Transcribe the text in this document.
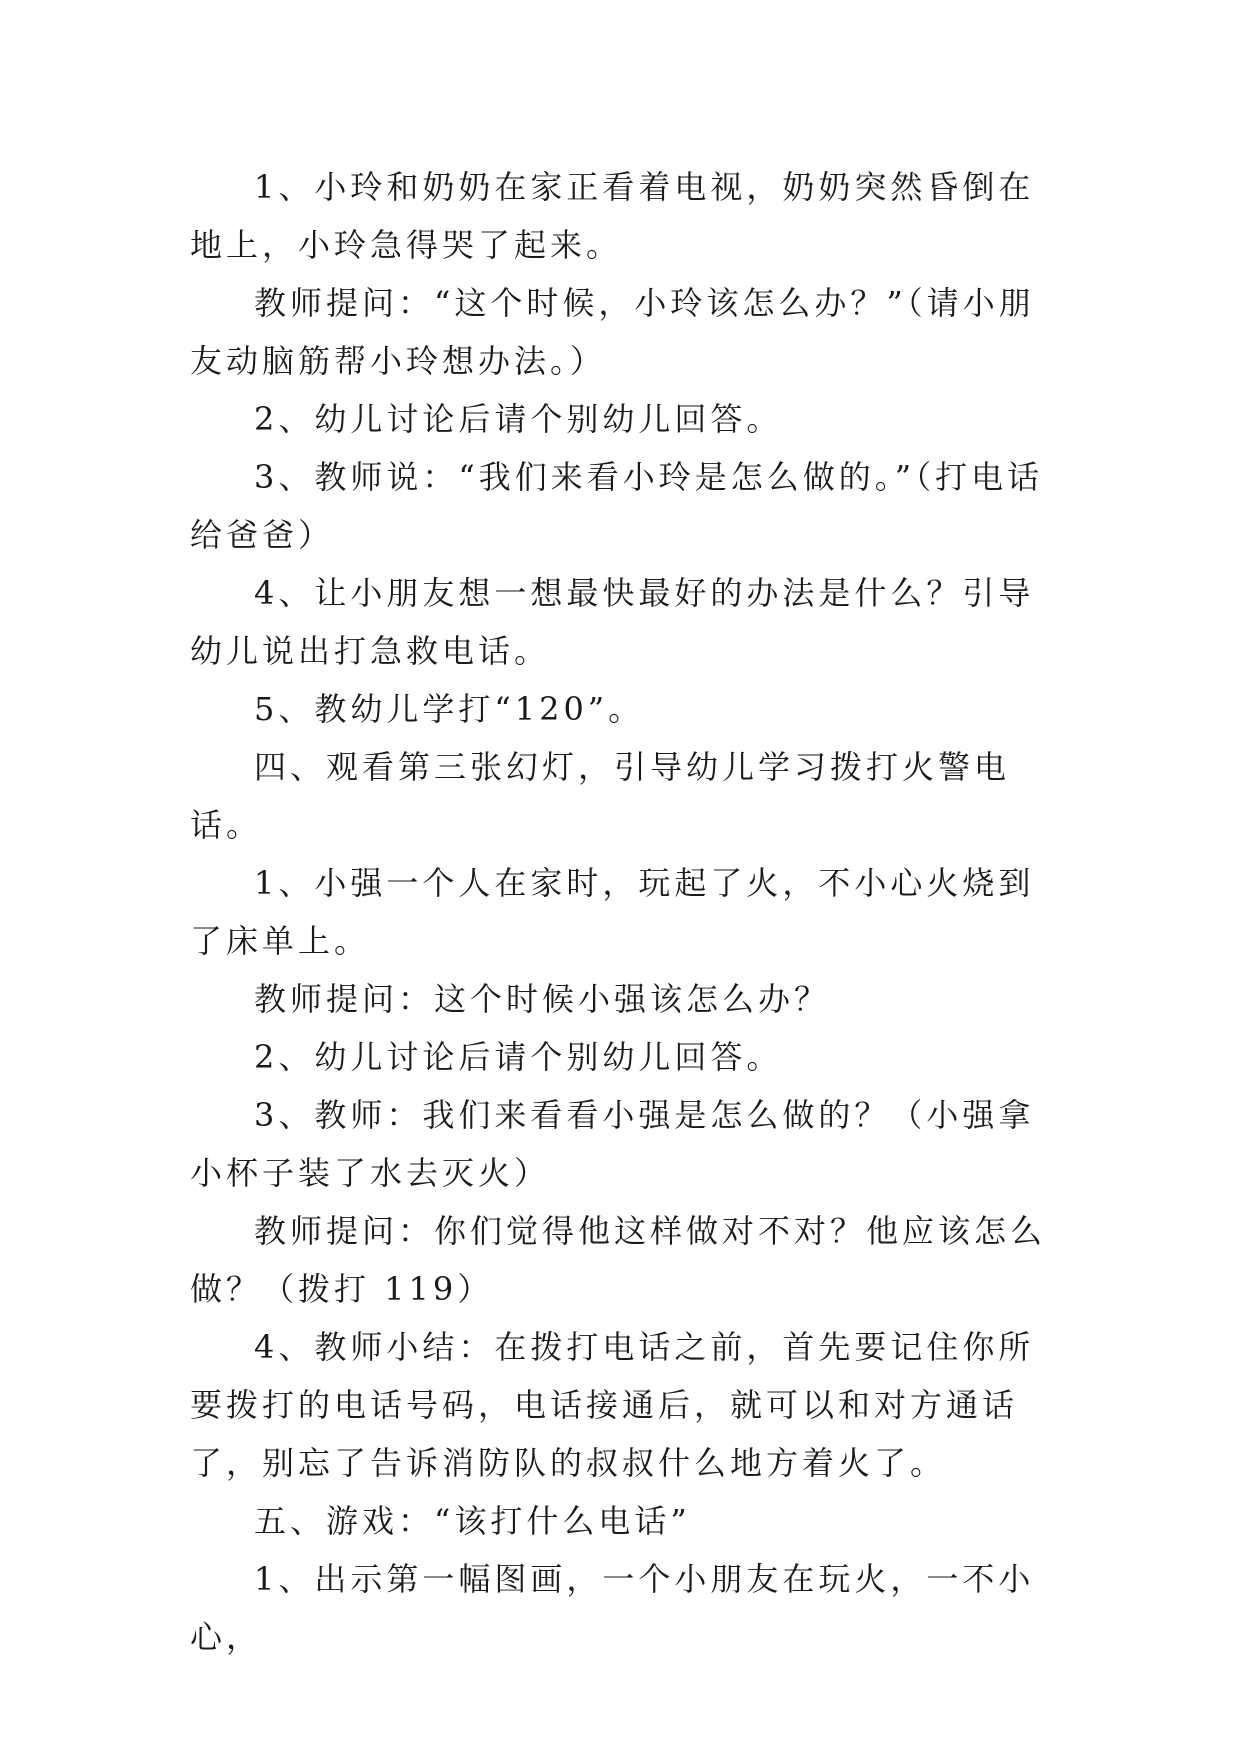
1、小玲和奶奶在家正看着电视，奶奶突然昏倒在地上，小玲急得哭了起来。

教师提问：“这个时候，小玲该怎么办？”（请小朋友动脑筋帮小玲想办法。）

2、幼儿讨论后请个别幼儿回答。

3、教师说：“我们来看小玲是怎么做的。”（打电话给爸爸）

4、让小朋友想一想最快最好的办法是什么？引导幼儿说出打急救电话。

5、教幼儿学打“120”。

四、观看第三张幻灯，引导幼儿学习拨打火警电话。

1、小强一个人在家时，玩起了火，不小心火烧到了床单上。

教师提问：这个时候小强该怎么办？

2、幼儿讨论后请个别幼儿回答。

3、教师：我们来看看小强是怎么做的？（小强拿小杯子装了水去灭火）

教师提问：你们觉得他这样做对不对？他应该怎么做？（拨打 119）

4、教师小结：在拨打电话之前，首先要记住你所要拨打的电话号码，电话接通后，就可以和对方通话了，别忘了告诉消防队的叔叔什么地方着火了。

五、游戏：“该打什么电话”

1、出示第一幅图画，一个小朋友在玩火，一不小心，
